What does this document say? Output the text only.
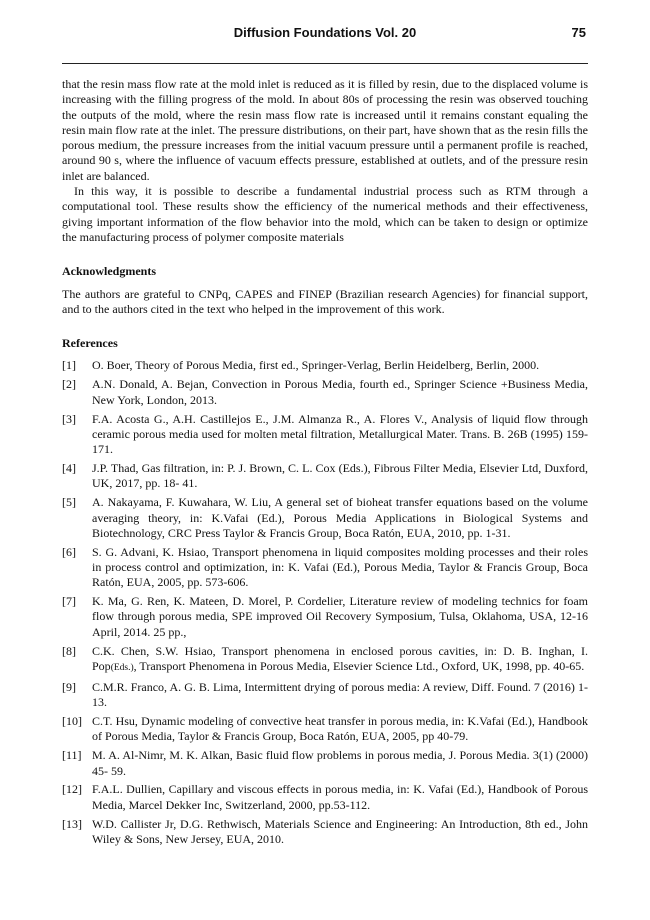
Diffusion Foundations Vol. 20	75

that the resin mass flow rate at the mold inlet is reduced as it is filled by resin, due to the displaced volume is increasing with the filling progress of the mold. In about 80s of processing the resin was observed touching the outputs of the mold, where the resin mass flow rate is increased until it remains constant equaling the resin main flow rate at the inlet. The pressure distributions, on their part, have shown that as the resin fills the porous medium, the pressure increases from the initial vacuum pressure until a permanent profile is reached, around 90 s, where the influence of vacuum effects pressure, established at outlets, and of the pressure resin inlet are balanced.

In this way, it is possible to describe a fundamental industrial process such as RTM through a computational tool. These results show the efficiency of the numerical methods and their effectiveness, giving important information of the flow behavior into the mold, which can be taken to design or optimize the manufacturing process of polymer composite materials

Acknowledgments

The authors are grateful to CNPq, CAPES and FINEP (Brazilian research Agencies) for financial support, and to the authors cited in the text who helped in the improvement of this work.

References
[1]	O. Boer, Theory of Porous Media, first ed., Springer-Verlag, Berlin Heidelberg, Berlin, 2000.
[2]	A.N. Donald, A. Bejan, Convection in Porous Media, fourth ed., Springer Science +Business Media, New York, London, 2013.
[3]	F.A. Acosta G., A.H. Castillejos E., J.M. Almanza R., A. Flores V., Analysis of liquid flow through ceramic porous media used for molten metal filtration, Metallurgical Mater. Trans. B. 26B (1995) 159-171.
[4]	J.P. Thad, Gas filtration, in: P. J. Brown, C. L. Cox (Eds.), Fibrous Filter Media, Elsevier Ltd, Duxford, UK, 2017, pp. 18- 41.
[5]	A. Nakayama, F. Kuwahara, W. Liu, A general set of bioheat transfer equations based on the volume averaging theory, in: K.Vafai (Ed.), Porous Media Applications in Biological Systems and Biotechnology, CRC Press Taylor & Francis Group, Boca Ratón, EUA, 2010, pp. 1-31.
[6]	S. G. Advani, K. Hsiao, Transport phenomena in liquid composites molding processes and their roles in process control and optimization, in: K. Vafai (Ed.), Porous Media, Taylor & Francis Group, Boca Ratón, EUA, 2005, pp. 573-606.
[7]	K. Ma, G. Ren, K. Mateen, D. Morel, P. Cordelier, Literature review of modeling technics for foam flow through porous media, SPE improved Oil Recovery Symposium, Tulsa, Oklahoma, USA, 12-16 April, 2014. 25 pp.,
[8]	C.K. Chen, S.W. Hsiao, Transport phenomena in enclosed porous cavities, in: D. B. Inghan, I. Pop(Eds.), Transport Phenomena in Porous Media, Elsevier Science Ltd., Oxford, UK, 1998, pp. 40-65.
[9]	C.M.R. Franco, A. G. B. Lima, Intermittent drying of porous media: A review, Diff. Found. 7 (2016) 1-13.
[10] C.T. Hsu, Dynamic modeling of convective heat transfer in porous media, in: K.Vafai (Ed.), Handbook of Porous Media, Taylor & Francis Group, Boca Ratón, EUA, 2005, pp 40-79.
[11] M. A. Al-Nimr, M. K. Alkan, Basic fluid flow problems in porous media, J. Porous Media. 3(1) (2000) 45- 59.
[12] F.A.L. Dullien, Capillary and viscous effects in porous media, in: K. Vafai (Ed.), Handbook of Porous Media, Marcel Dekker Inc, Switzerland, 2000, pp.53-112.
[13] W.D. Callister Jr, D.G. Rethwisch, Materials Science and Engineering: An Introduction, 8th ed., John Wiley & Sons, New Jersey, EUA, 2010.
